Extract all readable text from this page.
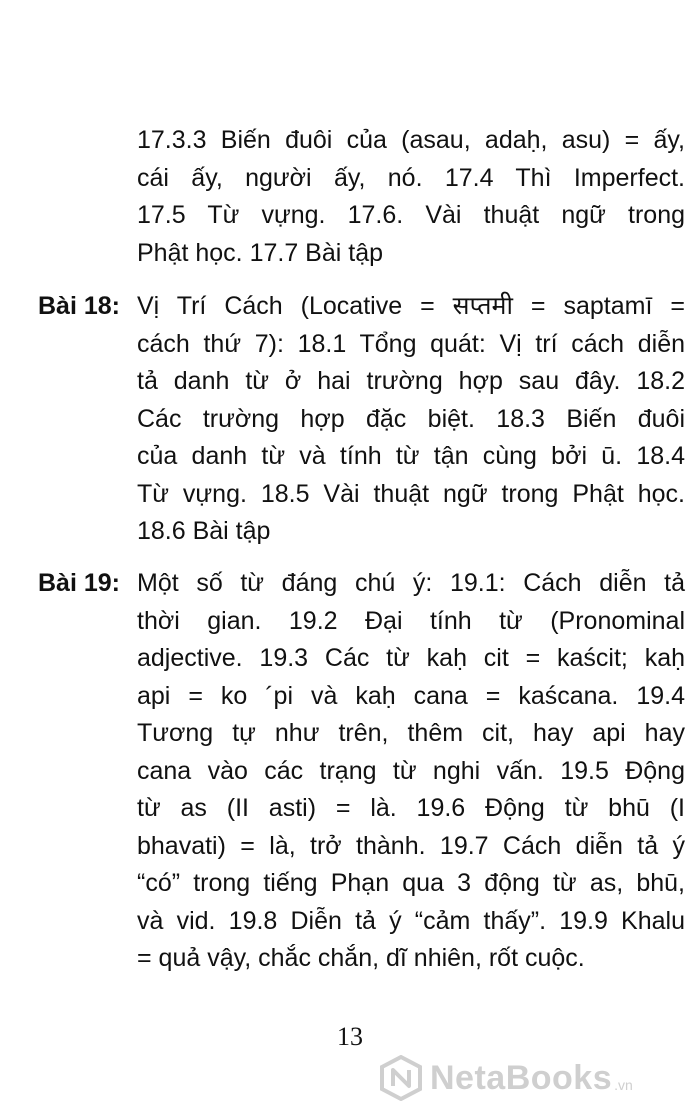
17.3.3 Biến đuôi của (asau, adaḥ, asu) = ấy,
cái ấy, người ấy, nó. 17.4 Thì Imperfect.
17.5 Từ vựng. 17.6. Vài thuật ngữ trong
Phật học. 17.7 Bài tập
Bài 18: Vị Trí Cách (Locative = सप्तमी = saptamī =
cách thứ 7): 18.1 Tổng quát: Vị trí cách diễn
tả danh từ ở hai trường hợp sau đây. 18.2
Các trường hợp đặc biệt. 18.3 Biến đuôi
của danh từ và tính từ tận cùng bởi ū. 18.4
Từ vựng. 18.5 Vài thuật ngữ trong Phật học.
18.6 Bài tập
Bài 19: Một số từ đáng chú ý: 19.1: Cách diễn tả
thời gian. 19.2 Đại tính từ (Pronominal
adjective. 19.3 Các từ kaḥ cit = kaścit; kaḥ
api = ko ´pi và kaḥ cana = kaścana. 19.4
Tương tự như trên, thêm cit, hay api hay
cana vào các trạng từ nghi vấn. 19.5 Động
từ as (II asti) = là. 19.6 Động từ bhū (I
bhavati) = là, trở thành. 19.7 Cách diễn tả ý
“có” trong tiếng Phạn qua 3 động từ as, bhū,
và vid. 19.8 Diễn tả ý “cảm thấy”. 19.9 Khalu
= quả vậy, chắc chắn, dĩ nhiên, rốt cuộc.
13
NetaBooks .vn
